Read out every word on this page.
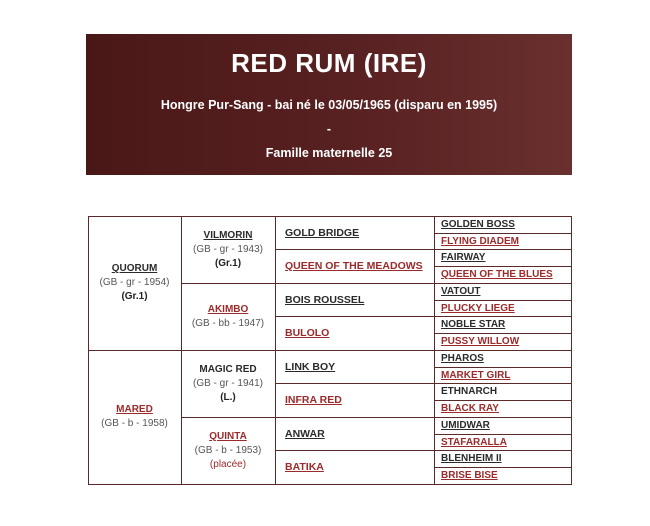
RED RUM (IRE)
Hongre Pur-Sang - bai né le 03/05/1965 (disparu en 1995)
-
Famille maternelle 25
QUORUM
(GB - gr - 1954)
(Gr.1)
MARED
(GB - b - 1958)
VILMORIN
(GB - gr - 1943)
(Gr.1)
AKIMBO
(GB - bb - 1947)
MAGIC RED
(GB - gr - 1941)
(L.)
QUINTA
(GB - b - 1953)
(placée)
GOLD BRIDGE
QUEEN OF THE MEADOWS
BOIS ROUSSEL
BULOLO
LINK BOY
INFRA RED
ANWAR
BATIKA
GOLDEN BOSS
FLYING DIADEM
FAIRWAY
QUEEN OF THE BLUES
VATOUT
PLUCKY LIEGE
NOBLE STAR
PUSSY WILLOW
PHAROS
MARKET GIRL
ETHNARCH
BLACK RAY
UMIDWAR
STAFARALLA
BLENHEIM II
BRISE BISE
